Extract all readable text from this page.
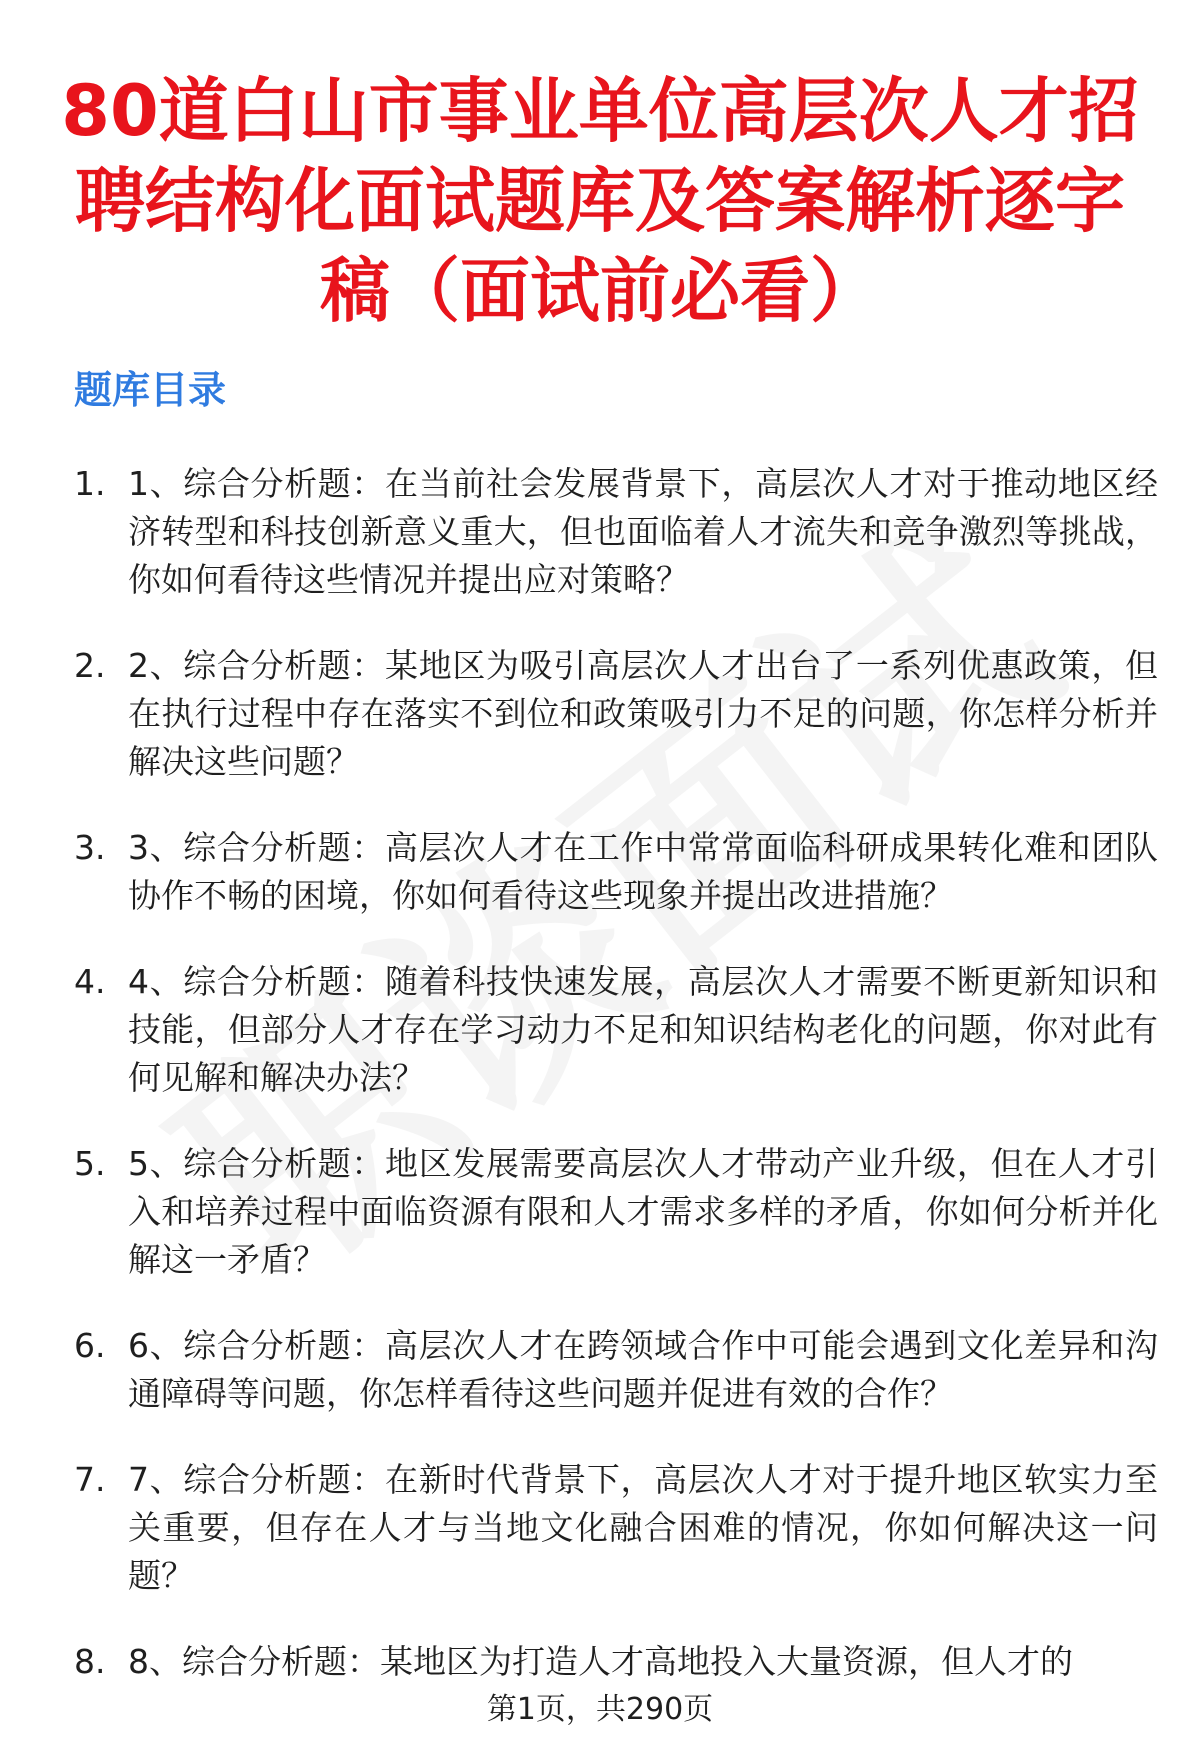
80道白山市事业单位高层次人才招聘结构化面试题库及答案解析逐字稿（面试前必看）
题库目录
1. 1、综合分析题：在当前社会发展背景下，高层次人才对于推动地区经济转型和科技创新意义重大，但也面临着人才流失和竞争激烈等挑战，你如何看待这些情况并提出应对策略？
2. 2、综合分析题：某地区为吸引高层次人才出台了一系列优惠政策，但在执行过程中存在落实不到位和政策吸引力不足的问题，你怎样分析并解决这些问题？
3. 3、综合分析题：高层次人才在工作中常常面临科研成果转化难和团队协作不畅的困境，你如何看待这些现象并提出改进措施？
4. 4、综合分析题：随着科技快速发展，高层次人才需要不断更新知识和技能，但部分人才存在学习动力不足和知识结构老化的问题，你对此有何见解和解决办法？
5. 5、综合分析题：地区发展需要高层次人才带动产业升级，但在人才引入和培养过程中面临资源有限和人才需求多样的矛盾，你如何分析并化解这一矛盾？
6. 6、综合分析题：高层次人才在跨领域合作中可能会遇到文化差异和沟通障碍等问题，你怎样看待这些问题并促进有效的合作？
7. 7、综合分析题：在新时代背景下，高层次人才对于提升地区软实力至关重要，但存在人才与当地文化融合困难的情况，你如何解决这一问题？
8. 8、综合分析题：某地区为打造人才高地投入大量资源，但人才的
第1页，共290页
